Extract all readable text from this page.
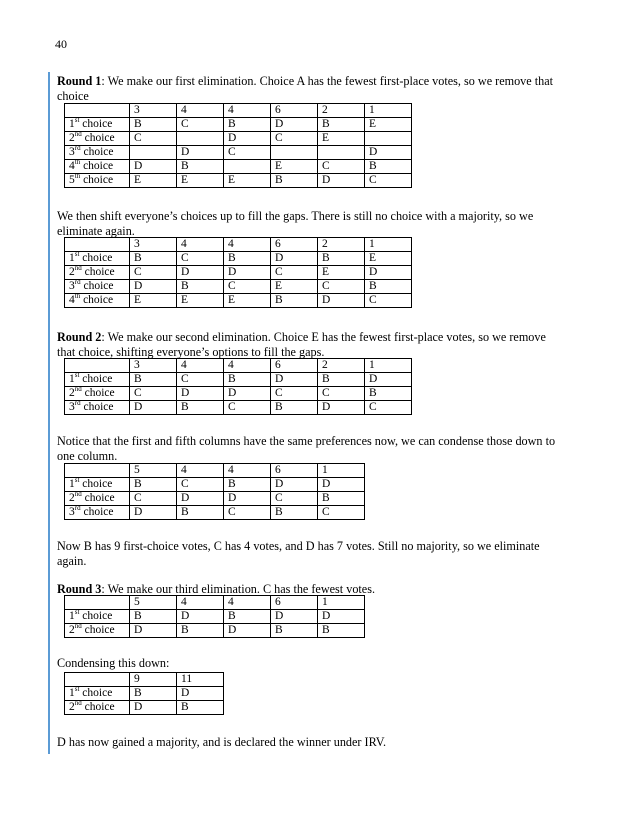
40

Round 1: We make our first elimination. Choice A has the fewest first-place votes, so we remove that choice

	3	4	4	6	2	1
1st choice	B	C	B	D	B	E
2nd choice	C		D	C	E	
3rd choice		D	C			D
4th choice	D	B		E	C	B
5th choice	E	E	E	B	D	C

We then shift everyone’s choices up to fill the gaps. There is still no choice with a majority, so we eliminate again.

	3	4	4	6	2	1
1st choice	B	C	B	D	B	E
2nd choice	C	D	D	C	E	D
3rd choice	D	B	C	E	C	B
4th choice	E	E	E	B	D	C

Round 2: We make our second elimination. Choice E has the fewest first-place votes, so we remove that choice, shifting everyone’s options to fill the gaps.

	3	4	4	6	2	1
1st choice	B	C	B	D	B	D
2nd choice	C	D	D	C	C	B
3rd choice	D	B	C	B	D	C

Notice that the first and fifth columns have the same preferences now, we can condense those down to one column.

	5	4	4	6	1
1st choice	B	C	B	D	D
2nd choice	C	D	D	C	B
3rd choice	D	B	C	B	C

Now B has 9 first-choice votes, C has 4 votes, and D has 7 votes. Still no majority, so we eliminate again.

Round 3: We make our third elimination. C has the fewest votes.

	5	4	4	6	1
1st choice	B	D	B	D	D
2nd choice	D	B	D	B	B

Condensing this down:

	9	11
1st choice	B	D
2nd choice	D	B

D has now gained a majority, and is declared the winner under IRV.
